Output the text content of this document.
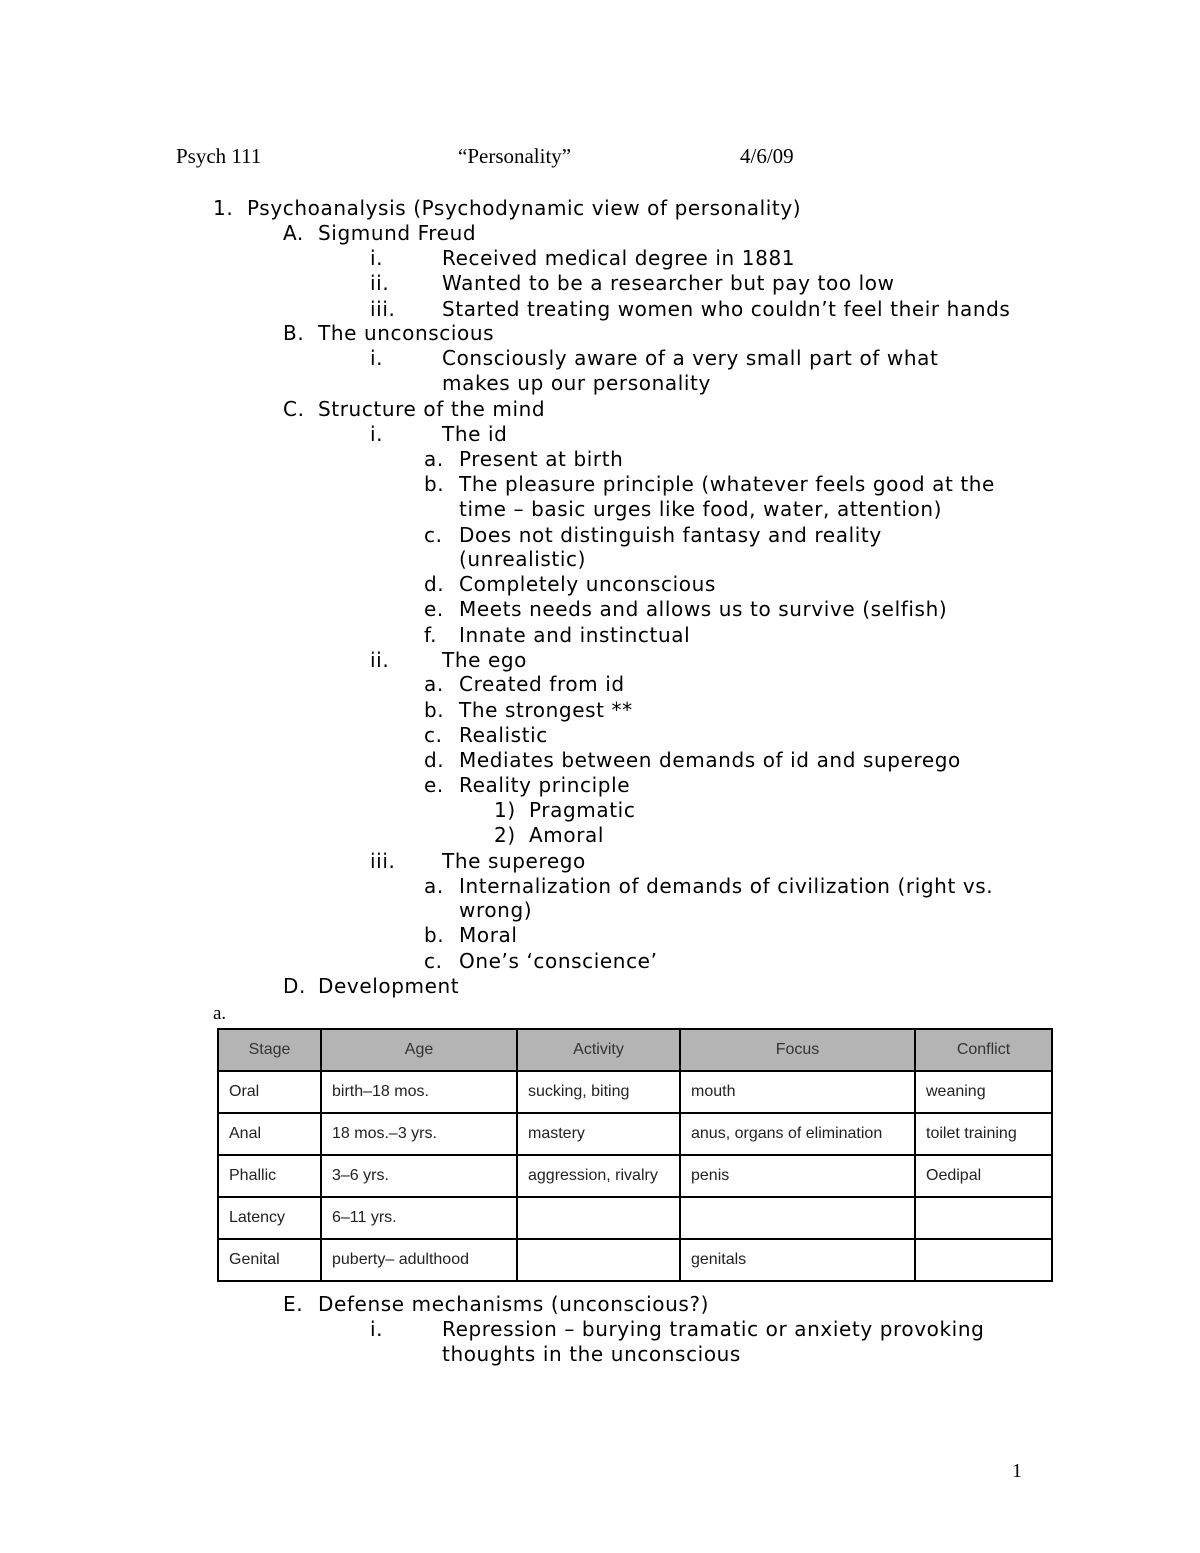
Psych 111	“Personality”	4/6/09
1. Psychoanalysis (Psychodynamic view of personality)
A. Sigmund Freud
i.	Received medical degree in 1881
ii.	Wanted to be a researcher but pay too low
iii. Started treating women who couldn’t feel their hands
B. The unconscious
i.	Consciously aware of a very small part of what
makes up our personality
C. Structure of the mind
i.	The id
a. Present at birth
b. The pleasure principle (whatever feels good at the
time – basic urges like food, water, attention)
c. Does not distinguish fantasy and reality
(unrealistic)
d. Completely unconscious
e. Meets needs and allows us to survive (selfish)
f. Innate and instinctual
ii.	The ego
a. Created from id
b. The strongest **
c. Realistic
d. Mediates between demands of id and superego
e. Reality principle
1) Pragmatic
2) Amoral
iii. The superego
a. Internalization of demands of civilization (right vs.
wrong)
b. Moral
c. One’s ‘conscience’
D. Development
a.
Stage	Age	Activity	Focus	Conflict
Oral	birth–18 mos.	sucking, biting	mouth	weaning
Anal	18 mos.–3 yrs.	mastery	anus, organs of elimination	toilet training
Phallic	3–6 yrs.	aggression, rivalry	penis	Oedipal
Latency	6–11 yrs.			
Genital	puberty– adulthood		genitals	
E. Defense mechanisms (unconscious?)
i.	Repression – burying tramatic or anxiety provoking
thoughts in the unconscious
1
